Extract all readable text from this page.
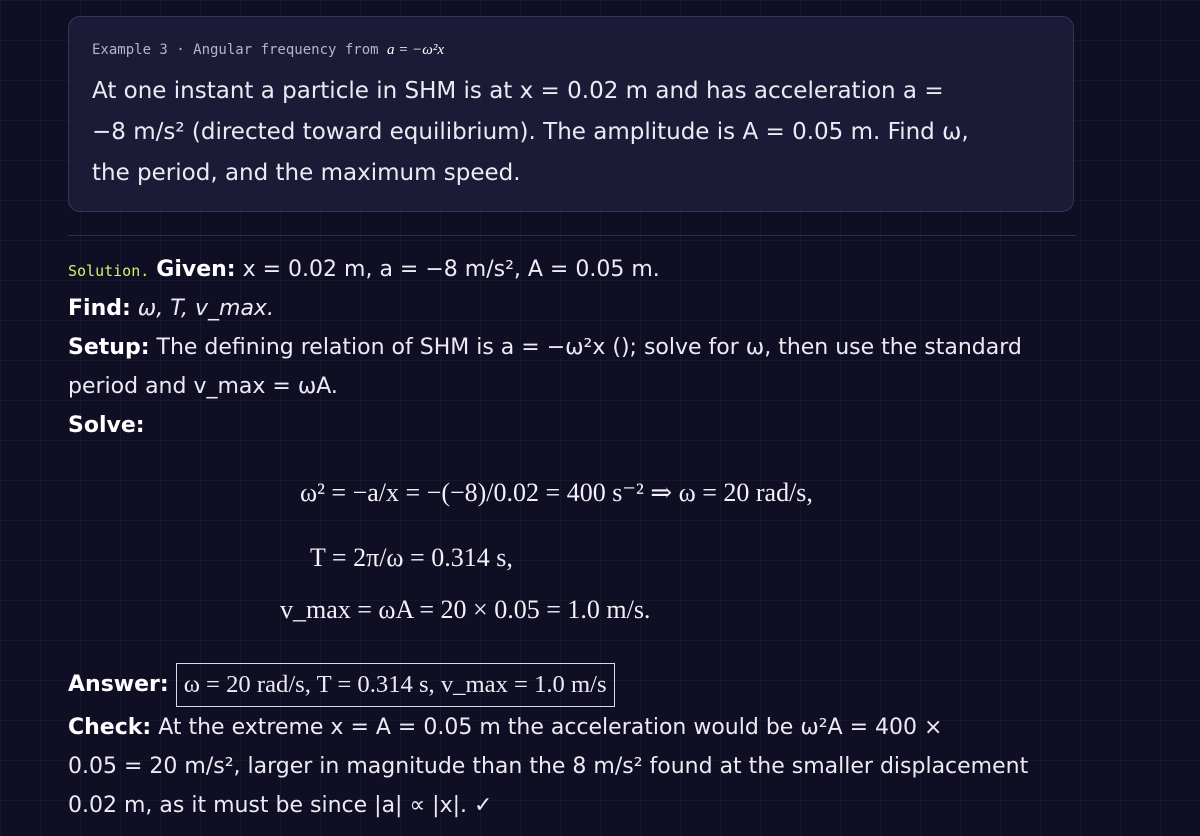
Example 3 · Angular frequency from a = −ω²x
At one instant a particle in SHM is at x = 0.02 m and has acceleration a =
−8 m/s² (directed toward equilibrium). The amplitude is A = 0.05 m. Find ω,
the period, and the maximum speed.
Solution. Given: x = 0.02 m, a = −8 m/s², A = 0.05 m.
Find: ω, T, v_max.
Setup: The defining relation of SHM is a = −ω²x (); solve for ω, then use the standard
period and v_max = ωA.
Solve:
ω² = −a/x = −(−8)/0.02 = 400 s⁻² ⇒ ω = 20 rad/s,
T = 2π/ω = 0.314 s,
v_max = ωA = 20 × 0.05 = 1.0 m/s.
Answer: ω = 20 rad/s, T = 0.314 s, v_max = 1.0 m/s
Check: At the extreme x = A = 0.05 m the acceleration would be ω²A = 400 ×
0.05 = 20 m/s², larger in magnitude than the 8 m/s² found at the smaller displacement
0.02 m, as it must be since |a| ∝ |x|. ✓
